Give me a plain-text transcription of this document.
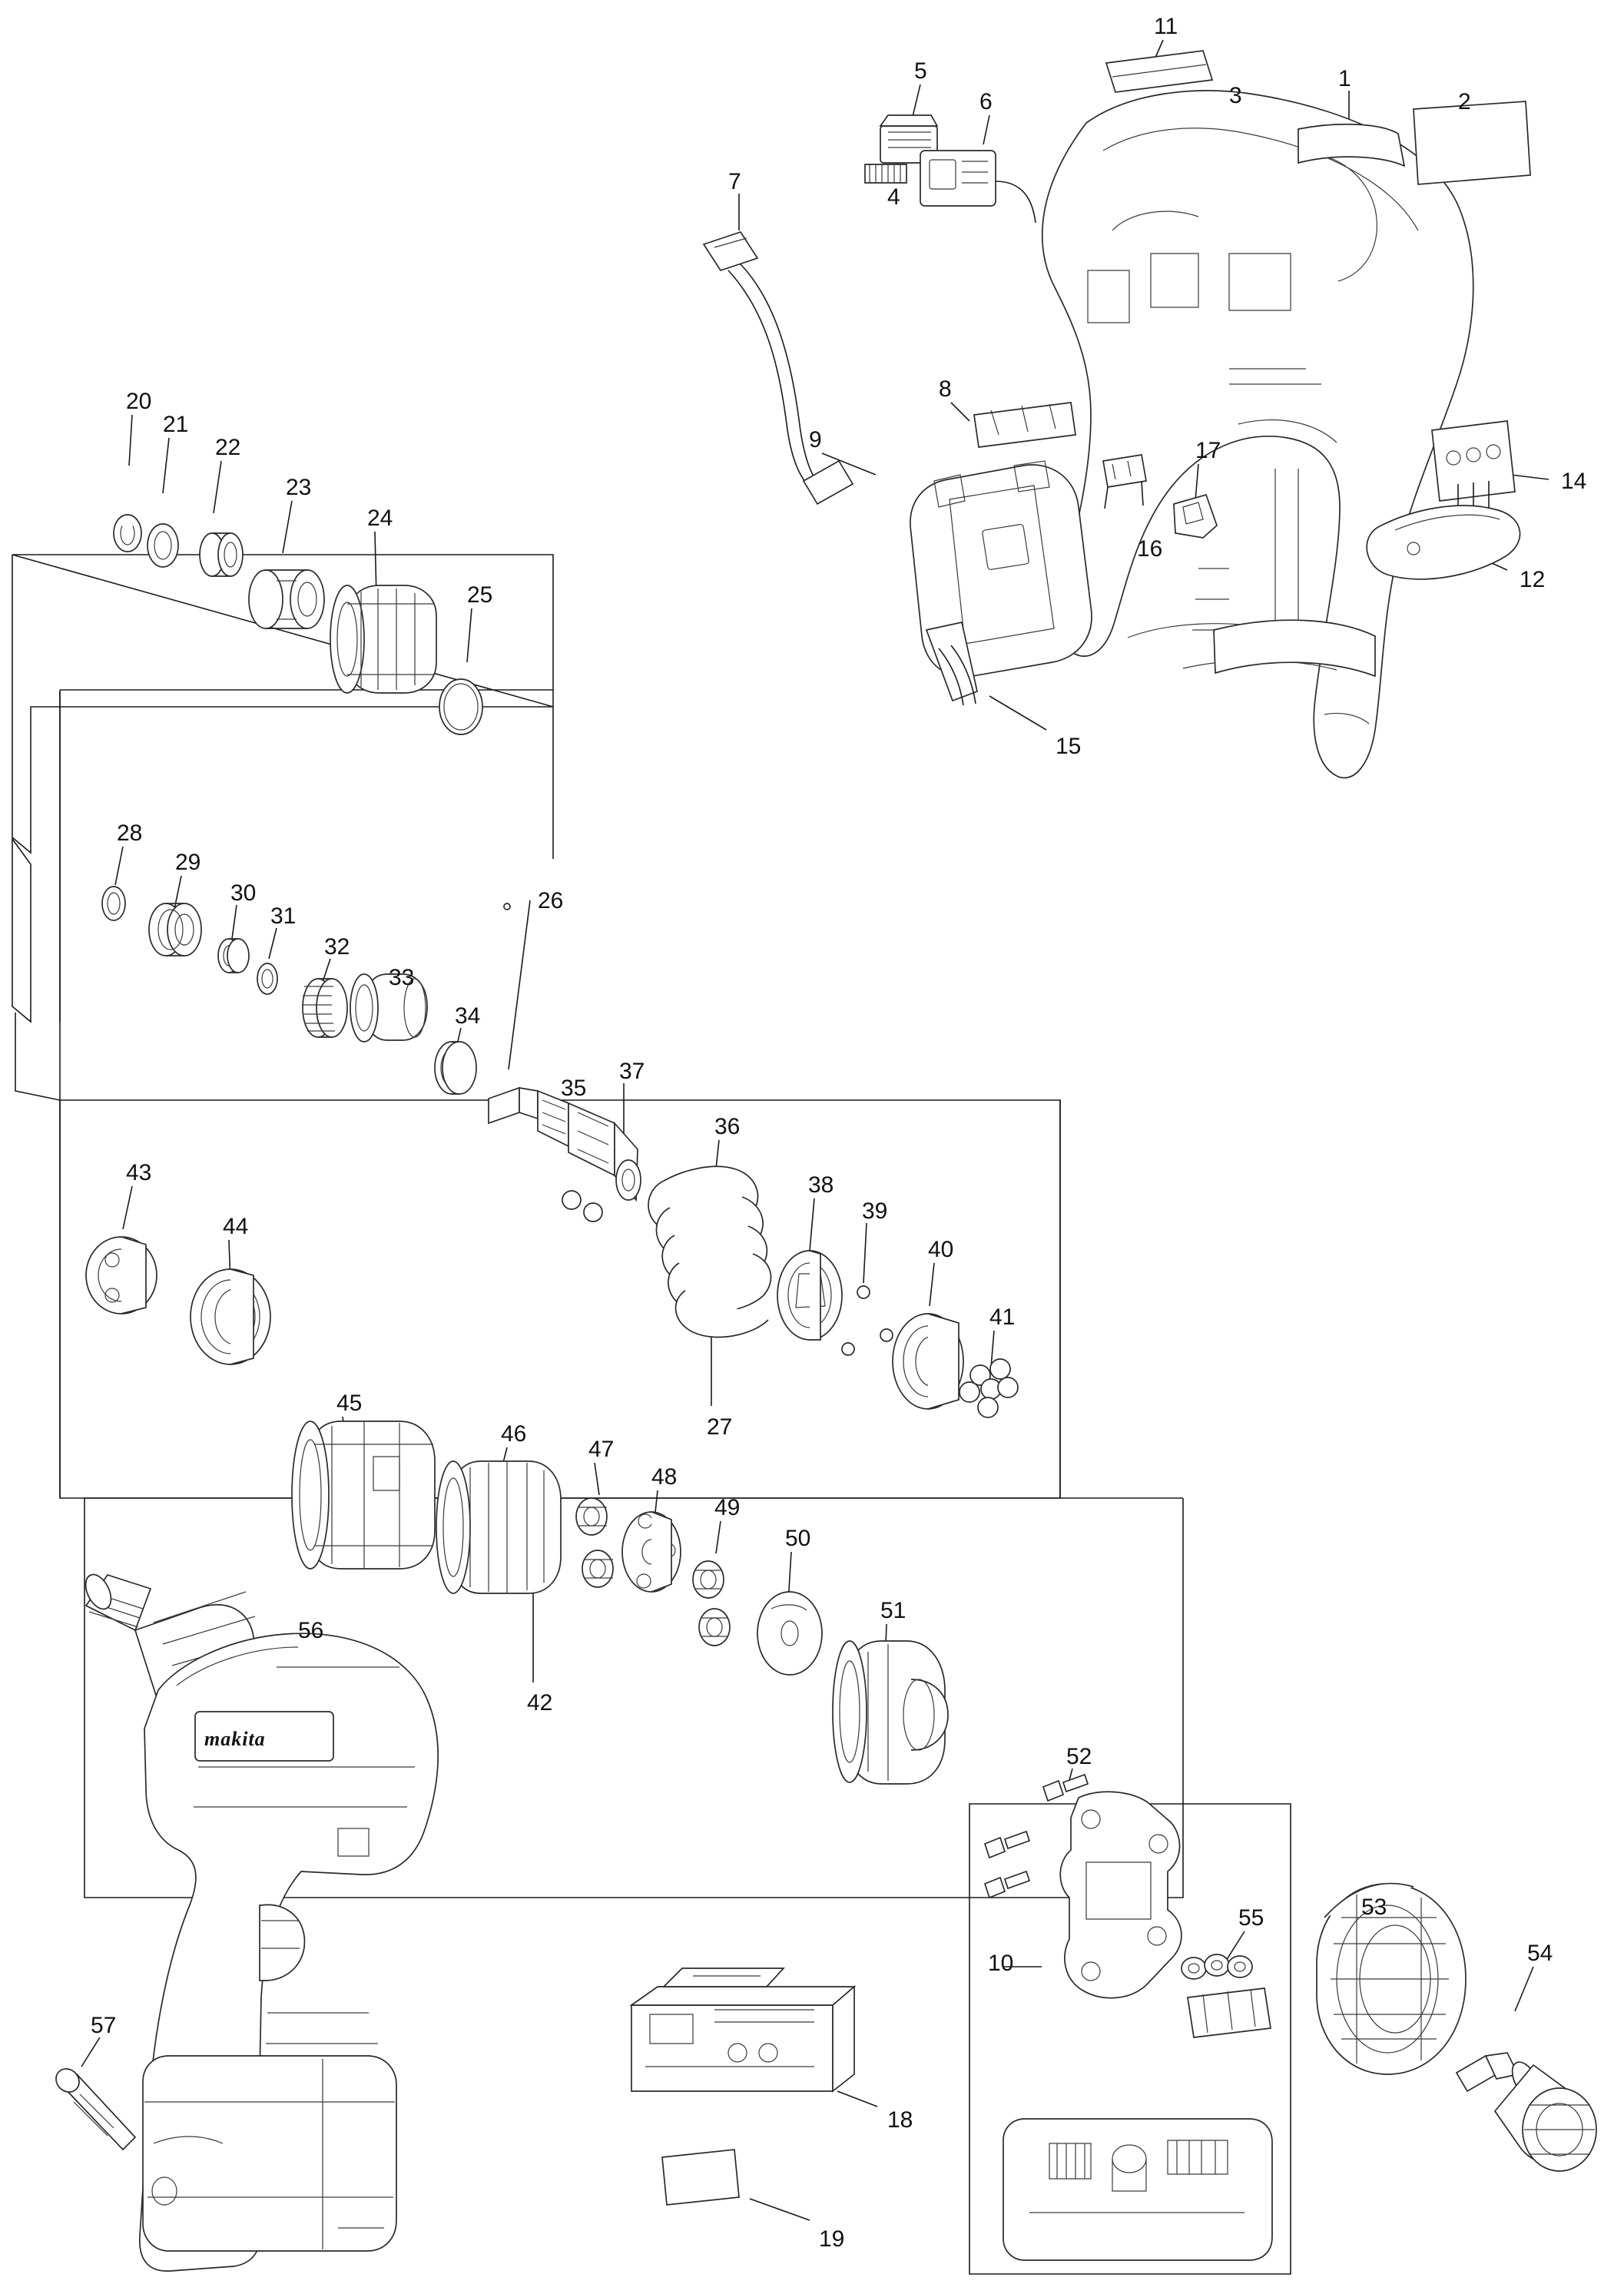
makita
1
2
3
4
5
6
7
8
9
10
11
12
14
15
16
17
18
19
20
21
22
23
24
25
26
27
28
29
30
31
32
33
34
35
36
37
38
39
40
41
42
43
44
45
46
47
48
49
50
51
52
53
54
55
56
57
